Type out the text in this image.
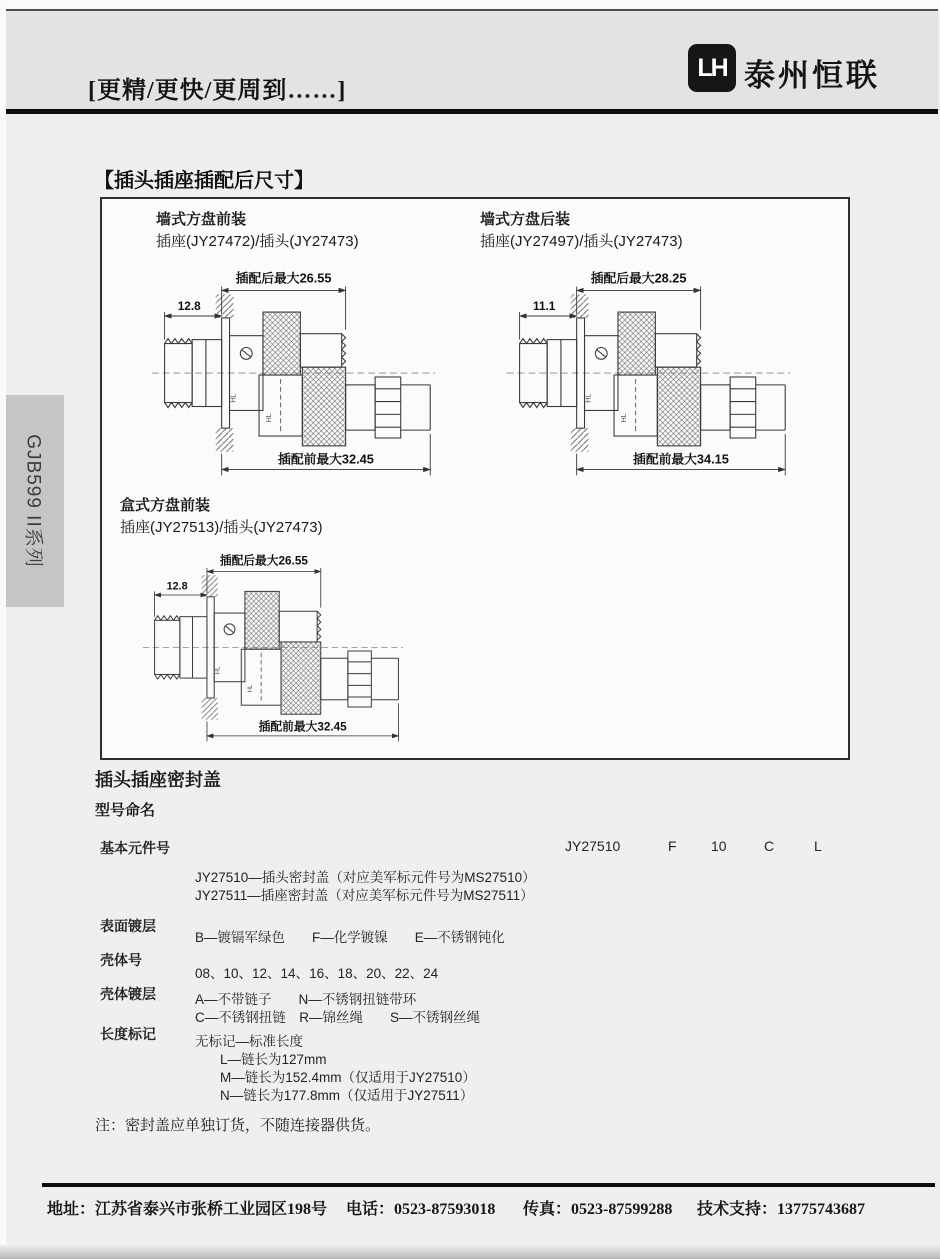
[更精/更快/更周到……]
LH 泰州恒联
GJB599 II系列
【插头插座插配后尺寸】
墙式方盘前装
插座(JY27472)/插头(JY27473)
墙式方盘后装
插座(JY27497)/插头(JY27473)
盒式方盘前装
插座(JY27513)/插头(JY27473)
HL
HL
插配后最大26.55
12.8
插配前最大32.45
HL
HL
插配后最大28.25
11.1
插配前最大34.15
HL
HL
插配后最大26.55
12.8
插配前最大32.45
插头插座密封盖
型号命名
基本元件号	JY27510	F 10	C	L
JY27510—插头密封盖（对应美军标元件号为MS27510）
JY27511—插座密封盖（对应美军标元件号为MS27511）
表面镀层
B—镀镉军绿色　　F—化学镀镍　　E—不锈钢钝化
壳体号
08、10、12、14、16、18、20、22、24
壳体镀层	A—不带链子　　N—不锈钢扭链带环
C—不锈钢扭链　R—锦丝绳　　S—不锈钢丝绳
长度标记	无标记—标准长度
L—链长为127mm
M—链长为152.4mm（仅适用于JY27510）
N—链长为177.8mm（仅适用于JY27511）
注：密封盖应单独订货，不随连接器供货。
地址：江苏省泰兴市张桥工业园区198号 电话：0523-87593018 传真：0523-87599288 技术支持：13775743687
